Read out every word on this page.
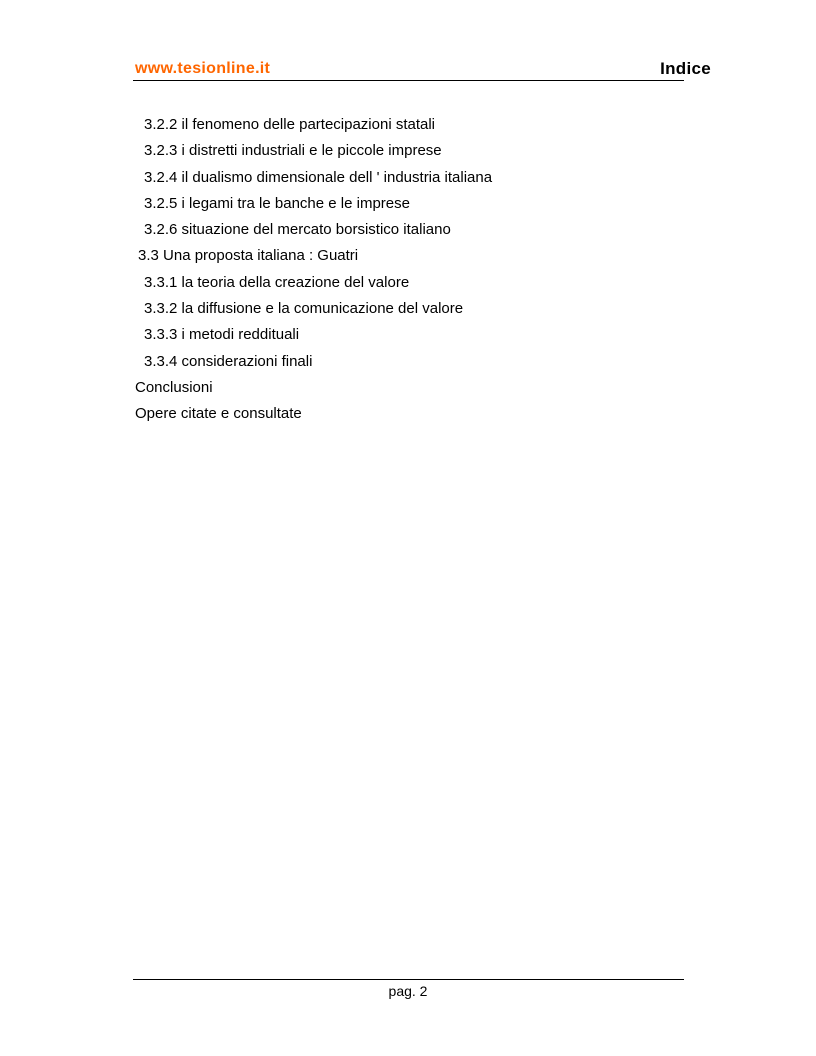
www.tesionline.it	Indice
3.2.2 il fenomeno delle partecipazioni statali
3.2.3 i distretti industriali e le piccole imprese
3.2.4 il dualismo dimensionale dell ' industria italiana
3.2.5 i legami tra le banche e le imprese
3.2.6 situazione del mercato borsistico italiano
3.3 Una proposta italiana : Guatri
3.3.1 la teoria della creazione del valore
3.3.2 la diffusione e la comunicazione del valore
3.3.3 i metodi reddituali
3.3.4 considerazioni finali
Conclusioni
Opere citate e consultate
pag. 2
